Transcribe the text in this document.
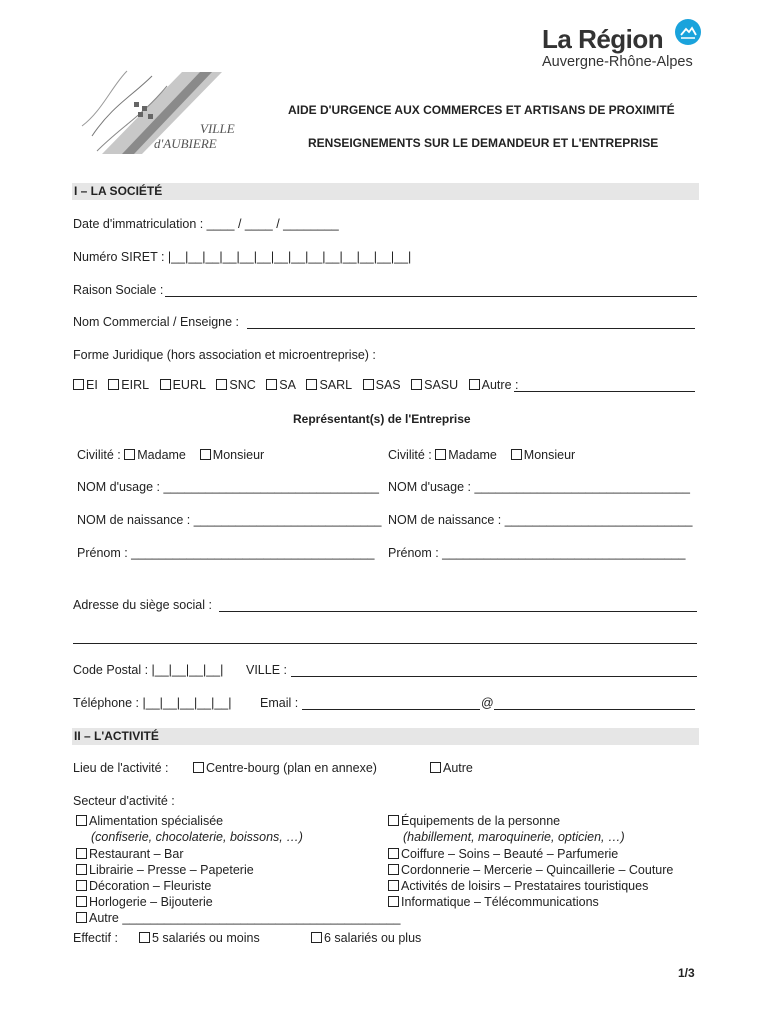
La Région
Auvergne-Rhône-Alpes
VILLE
d'AUBIERE
AIDE D'URGENCE AUX COMMERCES ET ARTISANS DE PROXIMITÉ
RENSEIGNEMENTS SUR LE DEMANDEUR ET L'ENTREPRISE
I – LA SOCIÉTÉ
Date d'immatriculation : ____ / ____ / ________
Numéro SIRET : |__|__|__|__|__|__|__|__|__|__|__|__|__|__|
Raison Sociale :
Nom Commercial / Enseigne :
Forme Juridique (hors association et microentreprise) :
EI EIRL EURL SNC SA SARL SAS SASU Autre :
Représentant(s) de l'Entreprise
Civilité : Madame Monsieur
NOM d'usage : _______________________________
NOM de naissance : ___________________________
Prénom : ___________________________________
Civilité : Madame Monsieur
NOM d'usage : _______________________________
NOM de naissance : ___________________________
Prénom : ___________________________________
Adresse du siège social :
Code Postal : |__|__|__|__| VILLE :
Téléphone : |__|__|__|__|__| Email :	@
II – L'ACTIVITÉ
Lieu de l'activité :	Centre-bourg (plan en annexe)	Autre
Secteur d'activité :
Alimentation spécialisée
(confiserie, chocolaterie, boissons, …)
Restaurant – Bar
Librairie – Presse – Papeterie
Décoration – Fleuriste
Horlogerie – Bijouterie
Autre ________________________________________
Équipements de la personne
(habillement, maroquinerie, opticien, …)
Coiffure – Soins – Beauté – Parfumerie
Cordonnerie – Mercerie – Quincaillerie – Couture
Activités de loisirs – Prestataires touristiques
Informatique – Télécommunications
Effectif :	5 salariés ou moins	6 salariés ou plus
1/3
